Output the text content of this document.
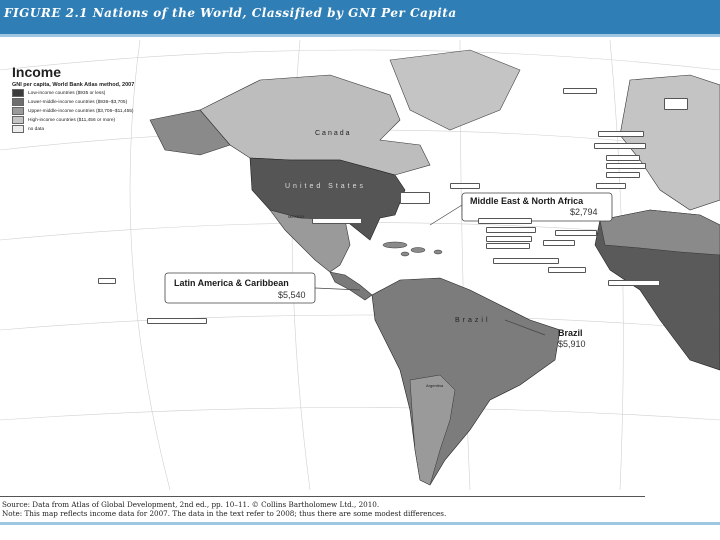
FIGURE 2.1 Nations of the World, Classified by GNI Per Capita
Canada
United States
MEXICO
Brazil
Argentina
Income
GNI per capita, World Bank Atlas method, 2007
Low-income countries ($935 or less)
Lower-middle-income countries ($936–$3,705)
Upper-middle-income countries ($3,706–$11,455)
High-income countries ($11,456 or more)
no data
Middle East & North Africa
$2,794
Latin America & Caribbean
$5,540
Brazil
$5,910
Source: Data from Atlas of Global Development, 2nd ed., pp. 10–11. © Collins Bartholomew Ltd., 2010.
Note: This map reflects income data for 2007. The data in the text refer to 2008; thus there are some modest differences.
